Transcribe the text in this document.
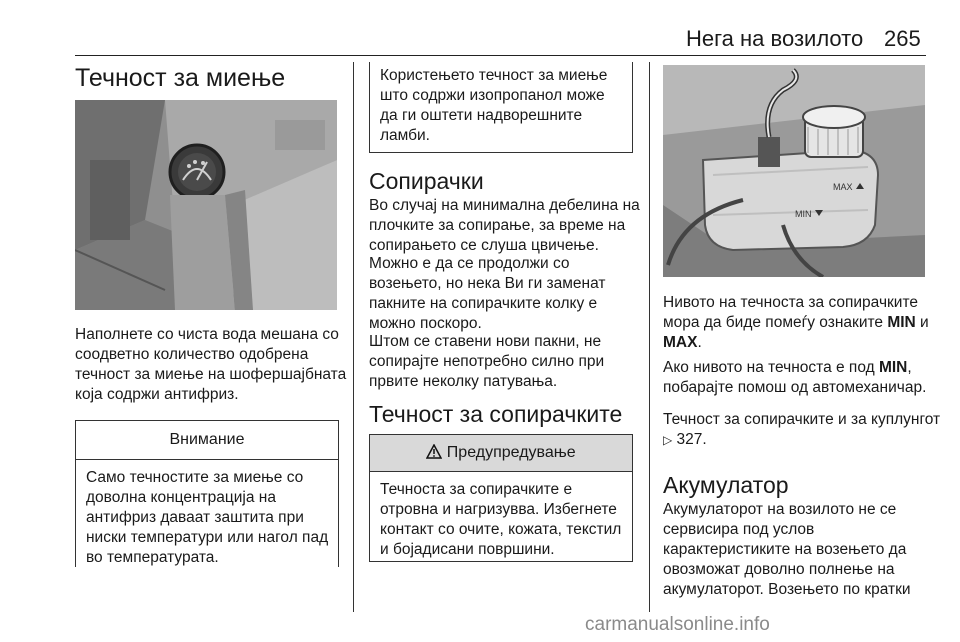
Нега на возилото 265
Течност за миење

Наполнете со чиста вода мешана со соодветно количество одобрена течност за миење на шофершајбната која содржи антифриз.

Внимание
Само течностите за миење со доволна концентрација на антифриз даваат заштита при ниски температури или нагол пад во температурата.
Користењето течност за миење што содржи изопропанол може да ги оштети надворешните ламби.
Сопирачки

Во случај на минимална дебелина на плочките за сопирање, за време на сопирањето се слуша цвичење.

Можно е да се продолжи со возењето, но нека Ви ги заменат пакните на сопирачките колку е можно поскоро.

Штом се ставени нови пакни, не сопирајте непотребно силно при првите неколку патувања.

Течност за сопирачките
Предупредување
Течноста за сопирачките е отровна и нагризувва. Избегнете контакт со очите, кожата, текстил и бојадисани површини.
MAX
MIN

Нивото на течноста за сопирачките мора да биде помеѓу ознаките MIN и MAX.

Ако нивото на течноста е под MIN, побарајте помош од автомеханичар.

Течност за сопирачките и за куплунгот ▷ 327.

Акумулатор

Акумулаторот на возилото не се сервисира под услов карактеристиките на возењето да овозможат доволно полнење на акумулаторот. Возењето по кратки

carmanualsonline.info
